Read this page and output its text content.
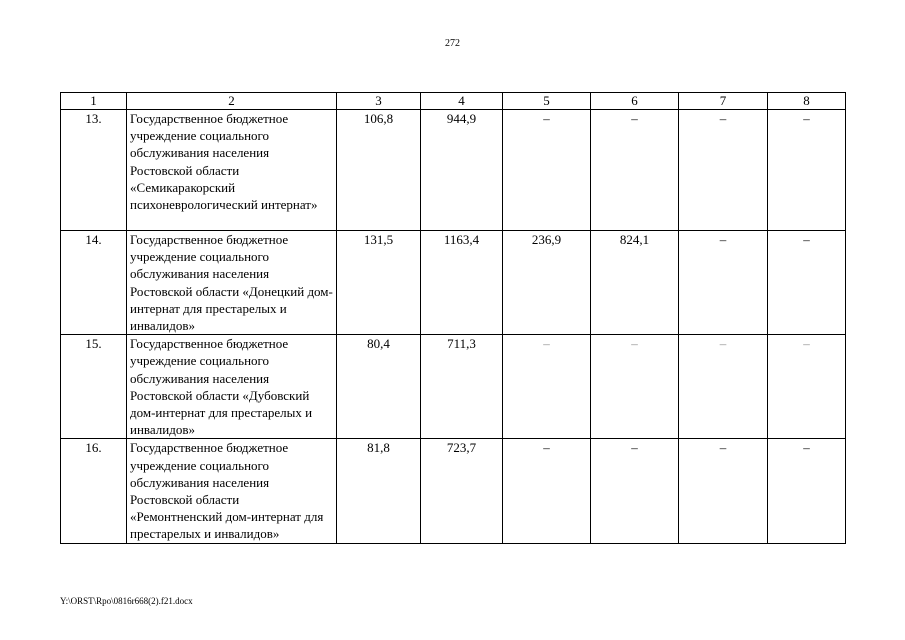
272
1	2	3	4	5	6	7	8
13.	Государственное бюджетное учреждение социального обслуживания населения Ростовской области «Семикаракорский психоневрологический интернат»	106,8	944,9	–	–	–	–
14.	Государственное бюджетное учреждение социального обслуживания населения Ростовской области «Донецкий дом-интернат для престарелых и инвалидов»	131,5	1163,4	236,9	824,1	–	–
15.	Государственное бюджетное учреждение социального обслуживания населения Ростовской области «Дубовский дом-интернат для престарелых и инвалидов»	80,4	711,3	–	–	–	–
16.	Государственное бюджетное учреждение социального обслуживания населения Ростовской области «Ремонтненский дом-интернат для престарелых и инвалидов»	81,8	723,7	–	–	–	–
Y:\ORST\Rpo\0816r668(2).f21.docx
